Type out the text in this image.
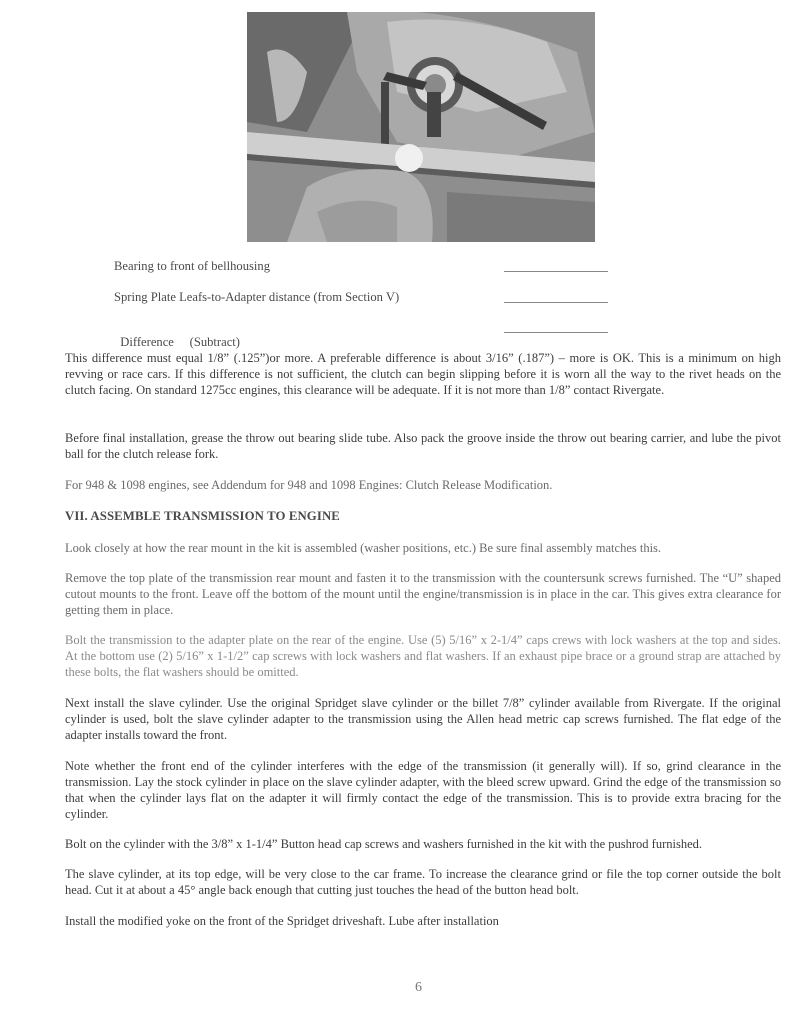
Bearing to front of bellhousing
Spring Plate Leafs-to-Adapter distance (from Section V)

Difference     (Subtract)

This difference must equal 1/8” (.125”)or more. A preferable difference is about 3/16” (.187”) – more is OK. This is a minimum on high revving or race cars. If this difference is not sufficient, the clutch can begin slipping before it is worn all the way to the rivet heads on the clutch facing. On standard 1275cc engines, this clearance will be adequate. If it is not more than 1/8” contact Rivergate.
Before final installation, grease the throw out bearing slide tube. Also pack the groove inside the throw out bearing carrier, and lube the pivot ball for the clutch release fork.
For 948 & 1098 engines, see Addendum for 948 and 1098 Engines: Clutch Release Modification.
VII. ASSEMBLE TRANSMISSION TO ENGINE
Look closely at how the rear mount in the kit is assembled (washer positions, etc.) Be sure final assembly matches this.
Remove the top plate of the transmission rear mount and fasten it to the transmission with the countersunk screws furnished. The “U” shaped cutout mounts to the front. Leave off the bottom of the mount until the engine/transmission is in place in the car. This gives extra clearance for getting them in place.
Bolt the transmission to the adapter plate on the rear of the engine. Use (5) 5/16” x 2-1/4” caps crews with lock washers at the top and sides. At the bottom use (2) 5/16” x 1-1/2” cap screws with lock washers and flat washers. If an exhaust pipe brace or a ground strap are attached by these bolts, the flat washers should be omitted.
Next install the slave cylinder. Use the original Spridget slave cylinder or the billet 7/8” cylinder available from Rivergate. If the original cylinder is used, bolt the slave cylinder adapter to the transmission using the Allen head metric cap screws furnished. The flat edge of the adapter installs toward the front.
Note whether the front end of the cylinder interferes with the edge of the transmission (it generally will). If so, grind clearance in the transmission. Lay the stock cylinder in place on the slave cylinder adapter, with the bleed screw upward. Grind the edge of the transmission so that when the cylinder lays flat on the adapter it will firmly contact the edge of the transmission. This is to provide extra bracing for the cylinder.
Bolt on the cylinder with the 3/8” x 1-1/4” Button head cap screws and washers furnished in the kit with the pushrod furnished.
The slave cylinder, at its top edge, will be very close to the car frame. To increase the clearance grind or file the top corner outside the bolt head. Cut it at about a 45° angle back enough that cutting just touches the head of the button head bolt.
Install the modified yoke on the front of the Spridget driveshaft. Lube after installation
6
